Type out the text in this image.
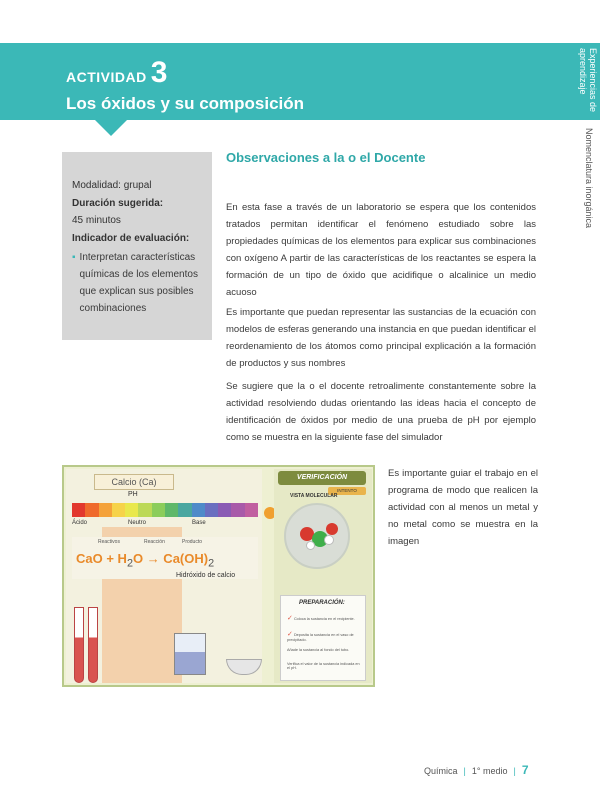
ACTIVIDAD 3
Los óxidos y su composición	Experiencias de aprendizaje
Nomenclatura inorgánica
Modalidad: grupal
Duración sugerida:
45 minutos
Indicador de evaluación:
▪ Interpretan características químicas de los elementos que explican sus posibles combinaciones
Observaciones a la o el Docente

En esta fase a través de un laboratorio se espera que los contenidos tratados permitan identificar el fenómeno estudiado sobre las propiedades químicas de los elementos para explicar sus combinaciones con oxígeno A partir de las características de los reactantes se espera la formación de un tipo de óxido que acidifique o alcalinice un medio acuoso

Es importante que puedan representar las sustancias de la ecuación con modelos de esferas generando una instancia en que puedan identificar el reordenamiento de los átomos como principal explicación a la formación de productos y sus nombres

Se sugiere que la o el docente retroalimente constantemente sobre la actividad resolviendo dudas orientando las ideas hacia el concepto de identificación de óxidos por medio de una prueba de pH por ejemplo como se muestra en la siguiente fase del simulador

Es importante guiar el trabajo en el programa de modo que realicen la actividad con al menos un metal y no metal como se muestra en la imagen

Calcio (Ca)
PH
Ácido	Neutro	Base
Reactivos	Reacción	Producto
CaO + $H_2O \to Ca(OH)_2$
Hidróxido de calcio
VERIFICACIÓN
INTENTO
VISTA MOLECULAR
PREPARACIÓN:
✓ Coloca la sustancia en el recipiente.
✓ Deposita la sustancia en el vaso de precipitado.
Añade la sustancia al fondo del tubo.
Verifica el valor de la sustancia indicada en el pH.
Química | 1° medio | 7
